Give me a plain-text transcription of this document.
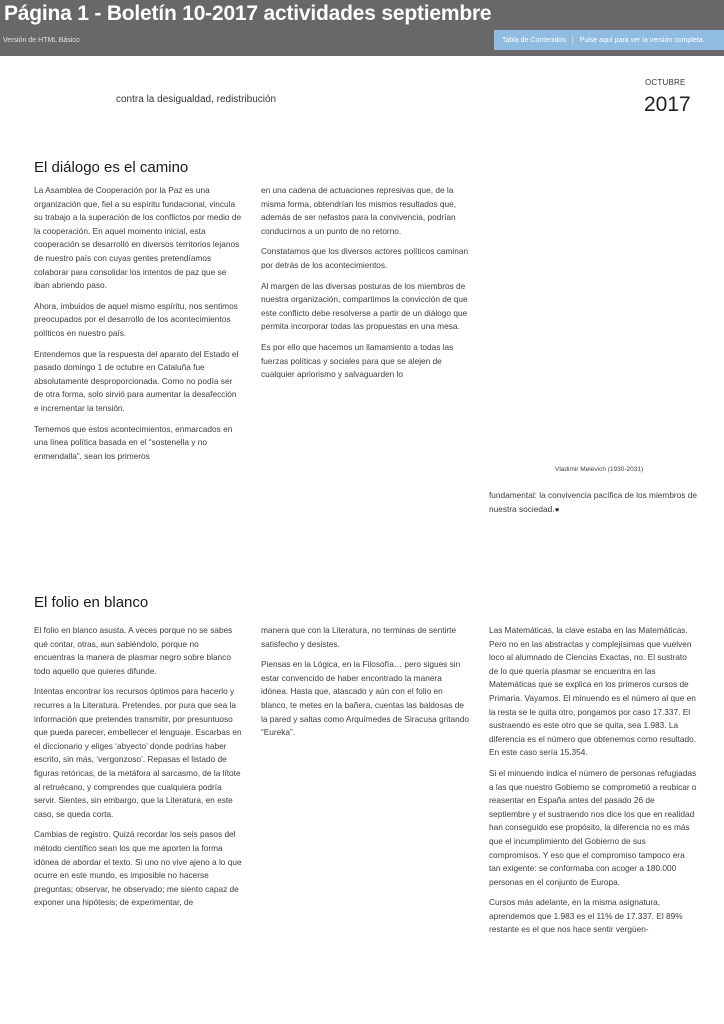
Página 1 - Boletín 10-2017 actividades septiembre
Versión de HTML Básico	Tabla de Contenidos | Pulse aquí para ver la versión completa.
OCTUBRE
2017
contra la desigualdad, redistribución
El diálogo es el camino

La Asamblea de Cooperación por la Paz es una organización que, fiel a su espíritu fundacional, vincula su trabajo a la superación de los conflictos por medio de la cooperación. En aquel momento inicial, esta cooperación se desarrolló en diversos territorios lejanos de nuestro país con cuyas gentes pretendíamos colaborar para consolidar los intentos de paz que se iban abriendo paso.

Ahora, imbuidos de aquel mismo espíritu, nos sentimos preocupados por el desarrollo de los acontecimientos políticos en nuestro país.

Entendemos que la respuesta del aparato del Estado el pasado domingo 1 de octubre en Cataluña fue absolutamente desproporcionada. Como no podía ser de otra forma, solo sirvió para aumentar la desafección e incrementar la tensión.

Tememos que estos acontecimientos, enmarcados en una línea política basada en el “sostenella y no enmendalla”, sean los primeros

en una cadena de actuaciones represivas que, de la misma forma, obtendrían los mismos resultados que, además de ser nefastos para la convivencia, podrían conducirnos a un punto de no retorno.

Constatamos que los diversos actores políticos caminan por detrás de los acontecimientos.

Al margen de las diversas posturas de los miembros de nuestra organización, compartimos la convicción de que este conflicto debe resolverse a partir de un diálogo que permita incorporar todas las propuestas en una mesa.

Es por ello que hacemos un llamamiento a todas las fuerzas políticas y sociales para que se alejen de cualquier apriorismo y salvaguarden lo

Vladimir Melevich (1930-2031)

fundamental: la convivencia pacífica de los miembros de nuestra sociedad.●

El folio en blanco

El folio en blanco asusta. A veces porque no se sabes qué contar, otras, aun sabiéndolo, porque no encuentras la manera de plasmar negro sobre blanco todo aquello que quieres difunde.

Intentas encontrar los recursos óptimos para hacerlo y recurres a la Literatura. Pretendes, por pura que sea la información que pretendes transmitir, por presuntuoso que pueda parecer, embellecer el lenguaje. Escarbas en el diccionario y eliges ‘abyecto’ donde podrías haber escrito, sin más, ‘vergonzoso’. Repasas el listado de figuras retóricas, de la metáfora al sarcasmo, de la lítote al retruécano, y comprendes que cualquiera podría servir. Sientes, sin embargo, que la Literatura, en este caso, se queda corta.

Cambias de registro. Quizá recordar los seis pasos del método científico sean los que me aporten la forma idónea de abordar el texto. Si uno no vive ajeno a lo que ocurre en este mundo, es imposible no hacerse preguntas; observar, he observado; me siento capaz de exponer una hipótesis; de experimentar, de

manera que con la Literatura, no terminas de sentirte satisfecho y desistes.

Piensas en la Lógica, en la Filosofía… pero sigues sin estar convencido de haber encontrado la manera idónea. Hasta que, atascado y aún con el folio en blanco, te metes en la bañera, cuentas las baldosas de la pared y saltas como Arquímedes de Siracusa gritando “Eureka”.

Las Matemáticas, la clave estaba en las Matemáticas. Pero no en las abstractas y complejísimas que vuelven loco al alumnado de Ciencias Exactas, no. El sustrato de lo que quería plasmar se encuentra en las Matemáticas que se explica en los primeros cursos de Primaria. Vayamos. El minuendo es el número al que en la resta se le quita otro, pongamos por caso 17.337. El sustraendo es este otro que se quita, sea 1.983. La diferencia es el número que obtenemos como resultado. En este caso sería 15.354.

Si el minuendo indica el número de personas refugiadas a las que nuestro Gobierno se comprometió a reubicar o reasentar en España antes del pasado 26 de septiembre y el sustraendo nos dice los que en realidad han conseguido ese propósito, la diferencia no es más que el incumplimiento del Gobierno de sus compromisos. Y eso que el compromiso tampoco era tan exigente: se conformaba con acoger a 180.000 personas en el conjunto de Europa.

Cursos más adelante, en la misma asignatura, aprendemos que 1.983 es el 11% de 17.337. El 89% restante es el que nos hace sentir vergüen-
